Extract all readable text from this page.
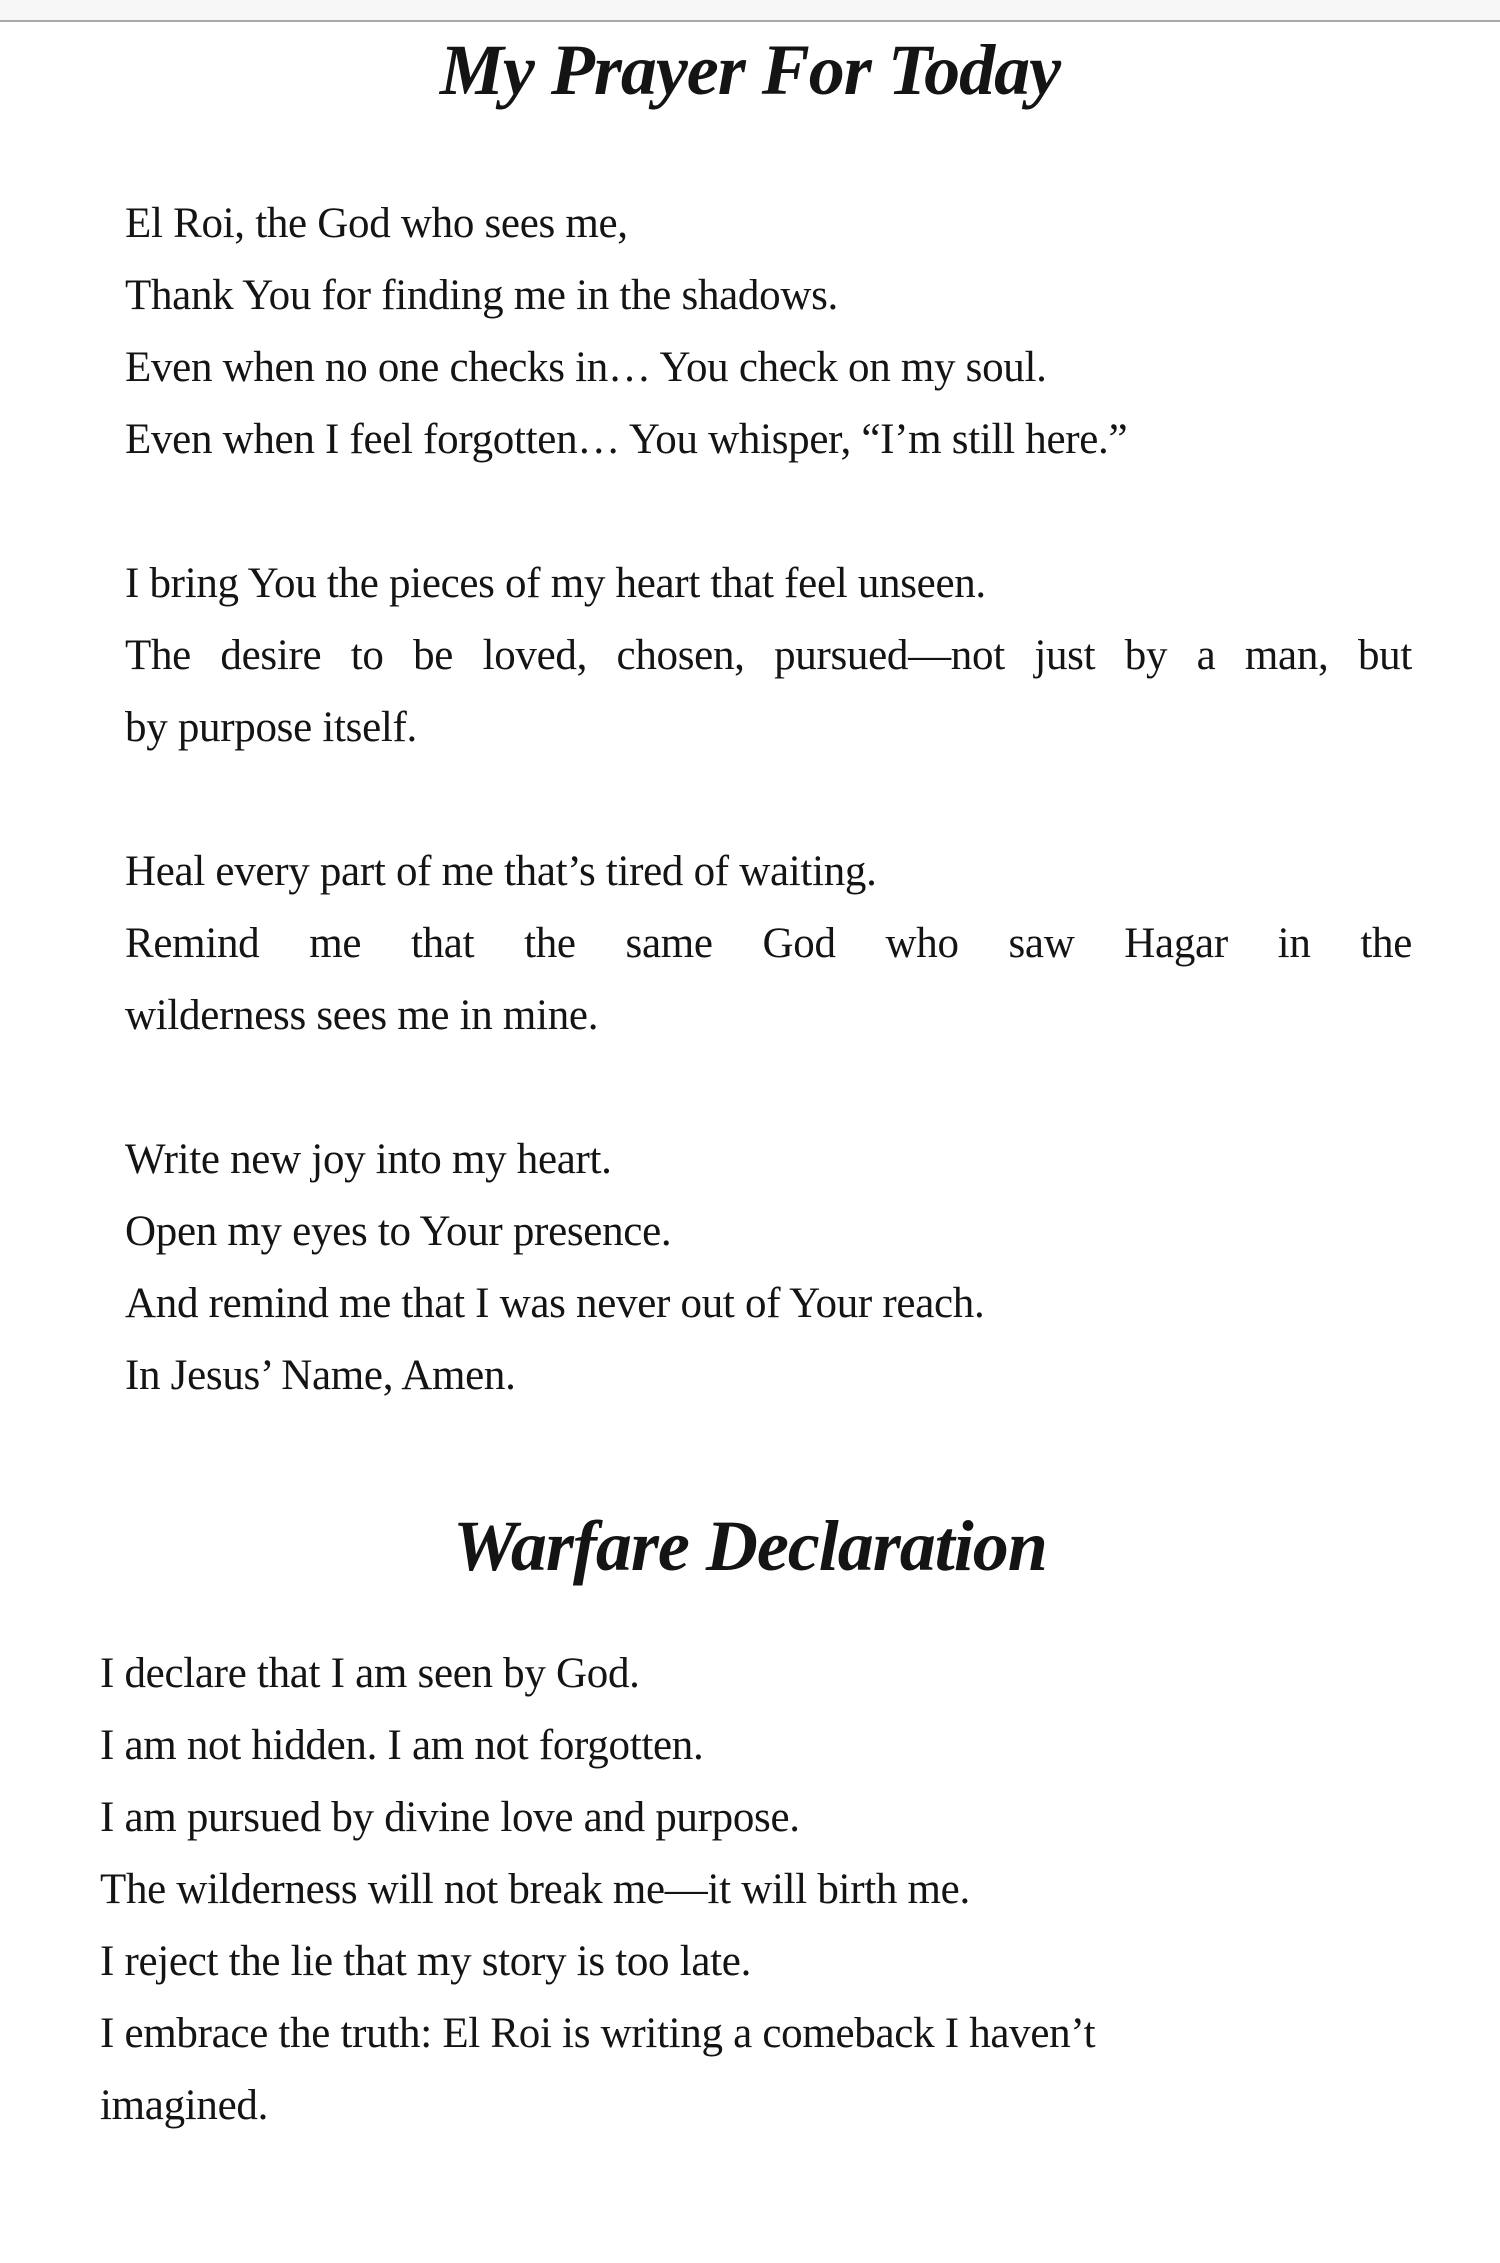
My Prayer For Today

El Roi, the God who sees me,
Thank You for finding me in the shadows.
Even when no one checks in… You check on my soul.
Even when I feel forgotten… You whisper, “I’m still here.”

I bring You the pieces of my heart that feel unseen.
The desire to be loved, chosen, pursued—not just by a man, but
by purpose itself.

Heal every part of me that’s tired of waiting.
Remind me that the same God who saw Hagar in the
wilderness sees me in mine.

Write new joy into my heart.
Open my eyes to Your presence.
And remind me that I was never out of Your reach.
In Jesus’ Name, Amen.

Warfare Declaration

I declare that I am seen by God.
I am not hidden. I am not forgotten.
I am pursued by divine love and purpose.
The wilderness will not break me—it will birth me.
I reject the lie that my story is too late.
I embrace the truth: El Roi is writing a comeback I haven’t
imagined.
